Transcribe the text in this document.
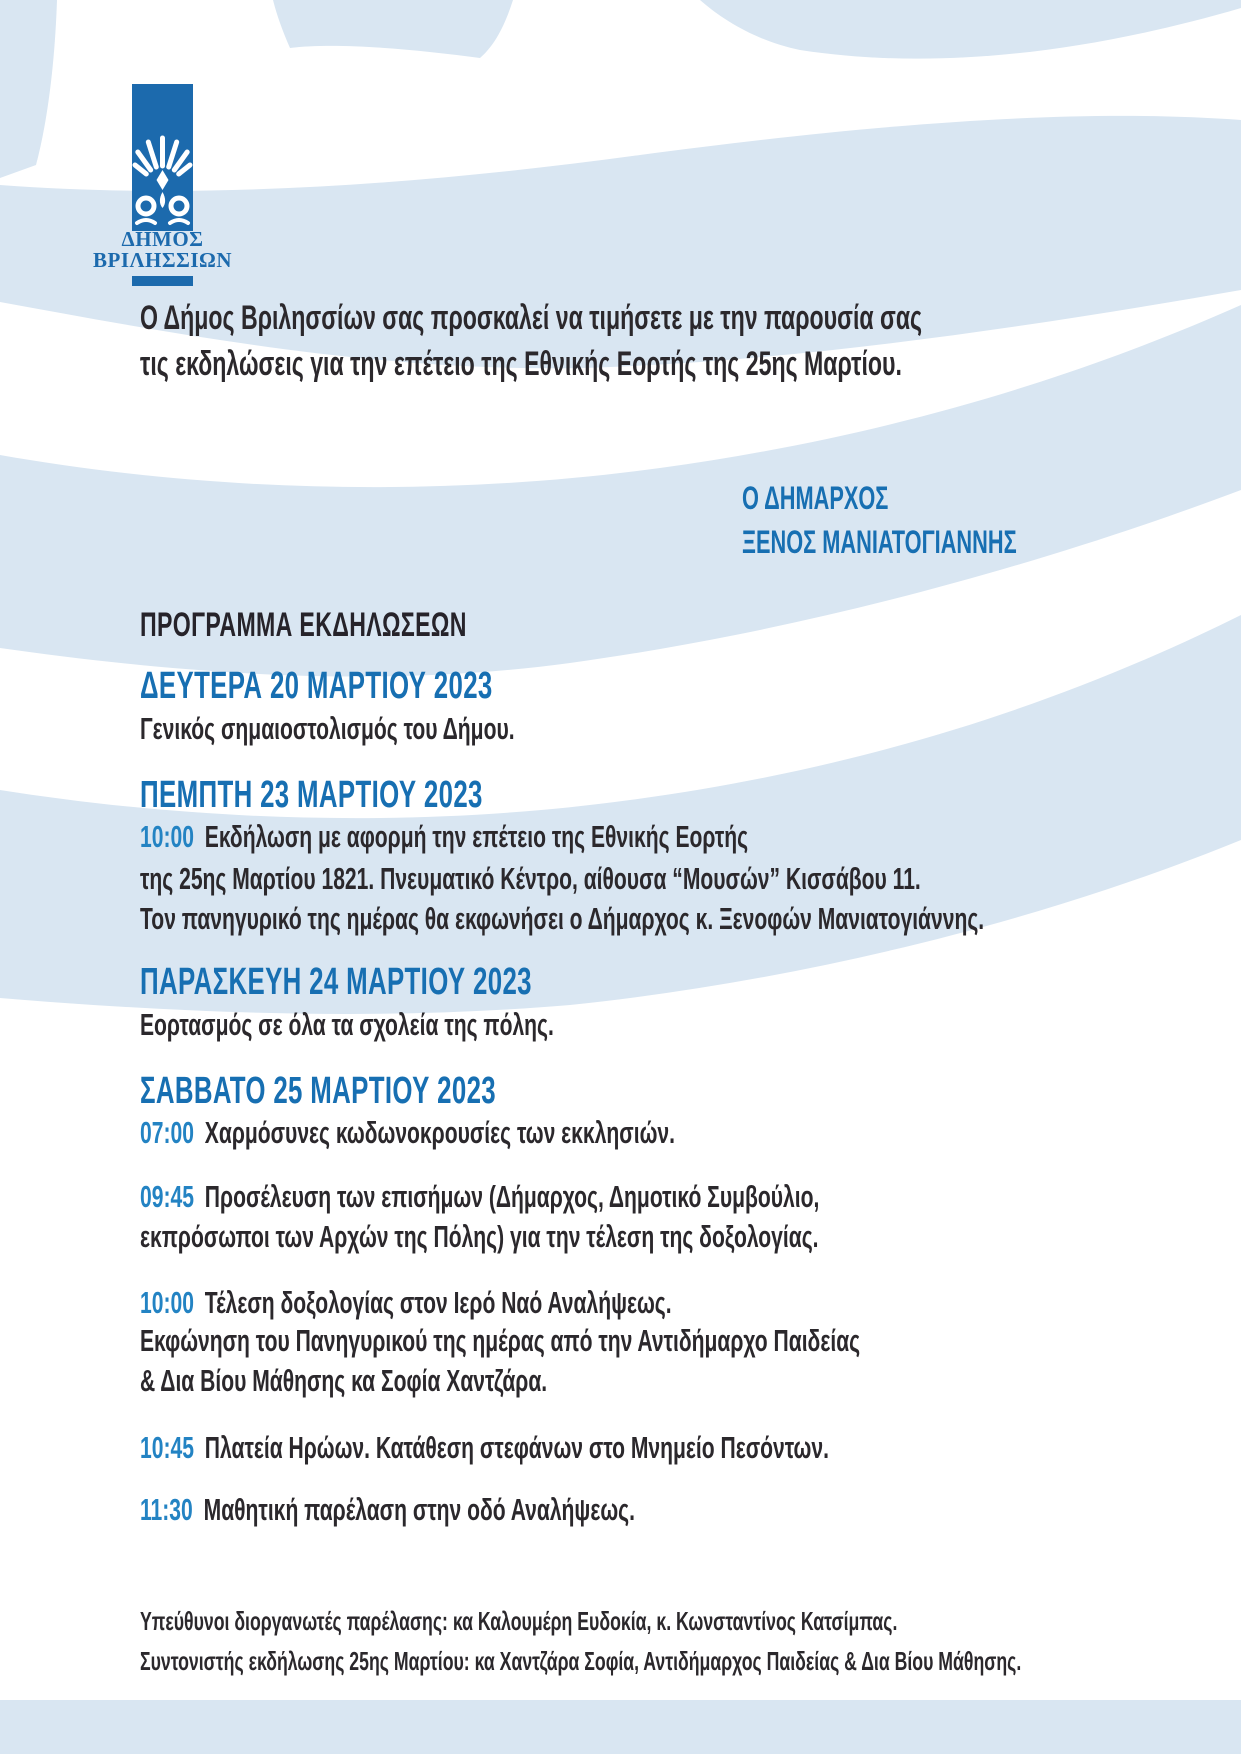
ΔΗΜΟΣ
ΒΡΙΛΗΣΣΙΩΝ
Ο Δήμος Βριλησσίων σας προσκαλεί να τιμήσετε με την παρουσία σας
τις εκδηλώσεις για την επέτειο της Εθνικής Εορτής της 25ης Μαρτίου.
Ο ΔΗΜΑΡΧΟΣ
ΞΕΝΟΣ ΜΑΝΙΑΤΟΓΙΑΝΝΗΣ
ΠΡΟΓΡΑΜΜΑ ΕΚΔΗΛΩΣΕΩΝ
ΔΕΥΤΕΡΑ 20 ΜΑΡΤΙΟΥ 2023
Γενικός σημαιοστολισμός του Δήμου.
ΠΕΜΠΤΗ 23 ΜΑΡΤΙΟΥ 2023
10:00 Εκδήλωση με αφορμή την επέτειο της Εθνικής Εορτής
της 25ης Μαρτίου 1821. Πνευματικό Κέντρο, αίθουσα “Μουσών” Κισσάβου 11.
Τον πανηγυρικό της ημέρας θα εκφωνήσει ο Δήμαρχος κ. Ξενοφών Μανιατογιάννης.
ΠΑΡΑΣΚΕΥΗ 24 ΜΑΡΤΙΟΥ 2023
Εορτασμός σε όλα τα σχολεία της πόλης.
ΣΑΒΒΑΤΟ 25 ΜΑΡΤΙΟΥ 2023
07:00 Χαρμόσυνες κωδωνοκρουσίες των εκκλησιών.
09:45 Προσέλευση των επισήμων (Δήμαρχος, Δημοτικό Συμβούλιο,
εκπρόσωποι των Αρχών της Πόλης) για την τέλεση της δοξολογίας.
10:00 Τέλεση δοξολογίας στον Ιερό Ναό Αναλήψεως.
Εκφώνηση του Πανηγυρικού της ημέρας από την Αντιδήμαρχο Παιδείας
& Δια Βίου Μάθησης κα Σοφία Χαντζάρα.
10:45 Πλατεία Ηρώων. Κατάθεση στεφάνων στο Μνημείο Πεσόντων.
11:30 Μαθητική παρέλαση στην οδό Αναλήψεως.
Υπεύθυνοι διοργανωτές παρέλασης: κα Καλουμέρη Ευδοκία, κ. Κωνσταντίνος Κατσίμπας.
Συντονιστής εκδήλωσης 25ης Μαρτίου: κα Χαντζάρα Σοφία, Αντιδήμαρχος Παιδείας & Δια Βίου Μάθησης.
